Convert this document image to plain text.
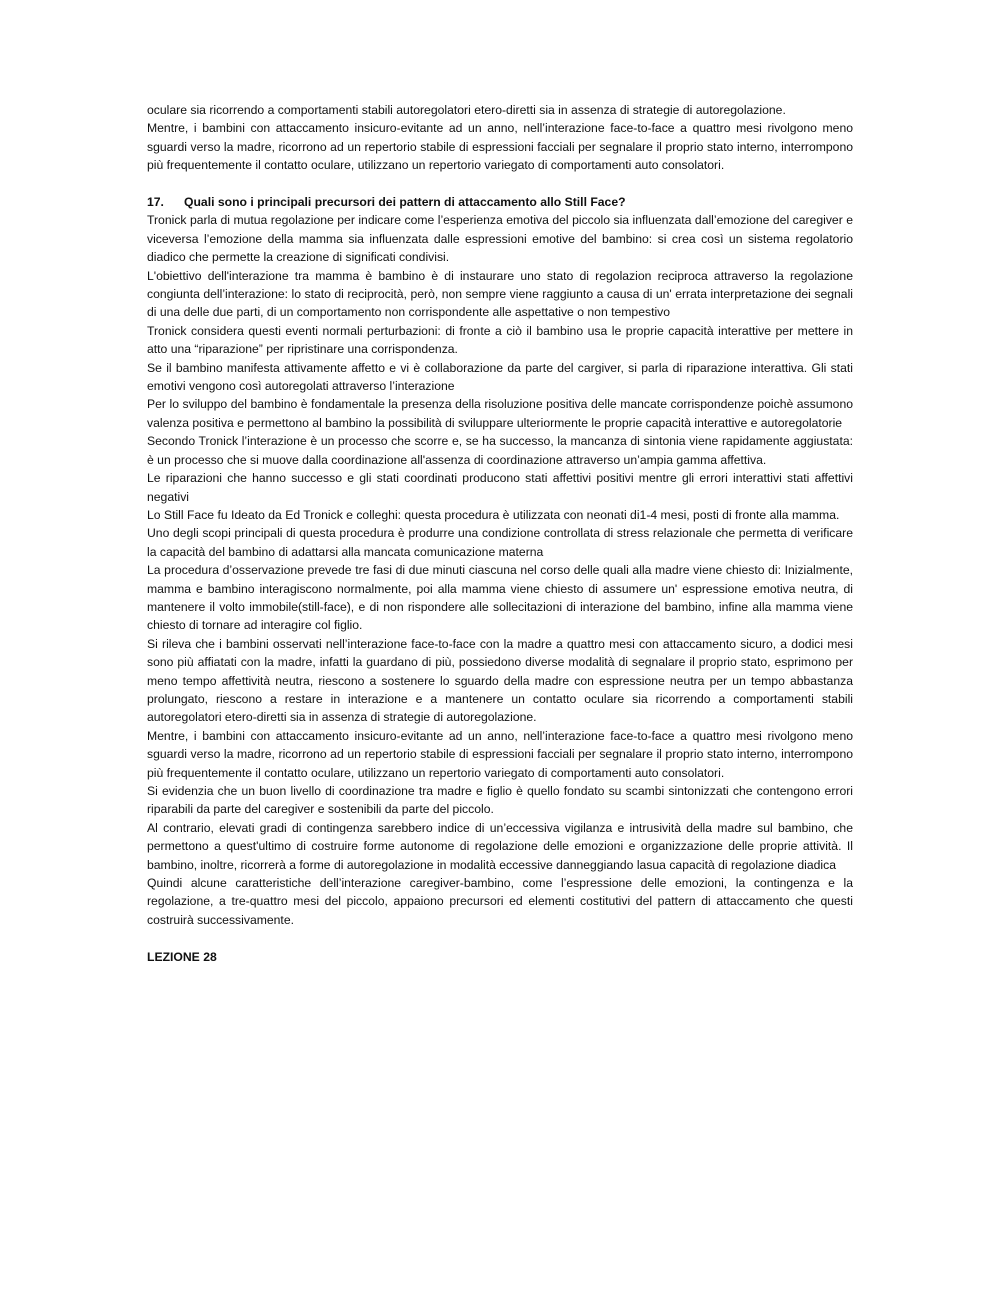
oculare sia ricorrendo a comportamenti stabili autoregolatori etero-diretti sia in assenza di strategie di autoregolazione.

Mentre, i bambini con attaccamento insicuro-evitante ad un anno, nell’interazione face-to-face a quattro mesi rivolgono meno sguardi verso la madre, ricorrono ad un repertorio stabile di espressioni facciali per segnalare il proprio stato interno, interrompono più frequentemente il contatto oculare, utilizzano un repertorio variegato di comportamenti auto consolatori.

17.	Quali sono i principali precursori dei pattern di attaccamento allo Still Face?

Tronick parla di mutua regolazione per indicare come l’esperienza emotiva del piccolo sia influenzata dall’emozione del caregiver e viceversa l’emozione della mamma sia influenzata dalle espressioni emotive del bambino: si crea così un sistema regolatorio diadico che permette la creazione di significati condivisi.

L'obiettivo dell'interazione tra mamma è bambino è di instaurare uno stato di regolazion reciproca attraverso la regolazione congiunta dell’interazione: lo stato di reciprocità, però, non sempre viene raggiunto a causa di un' errata interpretazione dei segnali di una delle due parti, di un comportamento non corrispondente alle aspettative o non tempestivo

Tronick considera questi eventi normali perturbazioni: di fronte a ciò il bambino usa le proprie capacità interattive per mettere in atto una “riparazione” per ripristinare una corrispondenza.

Se il bambino manifesta attivamente affetto e vi è collaborazione da parte del cargiver, si parla di riparazione interattiva. Gli stati emotivi vengono così autoregolati attraverso l’interazione

Per lo sviluppo del bambino è fondamentale la presenza della risoluzione positiva delle mancate corrispondenze poichè assumono valenza positiva e permettono al bambino la possibilità di sviluppare ulteriormente le proprie capacità interattive e autoregolatorie

Secondo Tronick l’interazione è un processo che scorre e, se ha successo, la mancanza di sintonia viene rapidamente aggiustata: è un processo che si muove dalla coordinazione all'assenza di coordinazione attraverso un’ampia gamma affettiva.

Le riparazioni che hanno successo e gli stati coordinati producono stati affettivi positivi mentre gli errori interattivi stati affettivi negativi

Lo Still Face fu Ideato da Ed Tronick e colleghi: questa procedura è utilizzata con neonati di1-4 mesi, posti di fronte alla mamma.

Uno degli scopi principali di questa procedura è produrre una condizione controllata di stress relazionale che permetta di verificare la capacità del bambino di adattarsi alla mancata comunicazione materna

La procedura d’osservazione prevede tre fasi di due minuti ciascuna nel corso delle quali alla madre viene chiesto di: Inizialmente, mamma e bambino interagiscono normalmente, poi alla mamma viene chiesto di assumere un' espressione emotiva neutra, di mantenere il volto immobile(still-face), e di non rispondere alle sollecitazioni di interazione del bambino, infine alla mamma viene chiesto di tornare ad interagire col figlio.

Si rileva che i bambini osservati nell’interazione face-to-face con la madre a quattro mesi con attaccamento sicuro, a dodici mesi sono più affiatati con la madre, infatti la guardano di più, possiedono diverse modalità di segnalare il proprio stato, esprimono per meno tempo affettività neutra, riescono a sostenere lo sguardo della madre con espressione neutra per un tempo abbastanza prolungato, riescono a restare in interazione e a mantenere un contatto oculare sia ricorrendo a comportamenti stabili autoregolatori etero-diretti sia in assenza di strategie di autoregolazione.

Mentre, i bambini con attaccamento insicuro-evitante ad un anno, nell’interazione face-to-face a quattro mesi rivolgono meno sguardi verso la madre, ricorrono ad un repertorio stabile di espressioni facciali per segnalare il proprio stato interno, interrompono più frequentemente il contatto oculare, utilizzano un repertorio variegato di comportamenti auto consolatori.

Si evidenzia che un buon livello di coordinazione tra madre e figlio è quello fondato su scambi sintonizzati che contengono errori riparabili da parte del caregiver e sostenibili da parte del piccolo.

Al contrario, elevati gradi di contingenza sarebbero indice di un’eccessiva vigilanza e intrusività della madre sul bambino, che permettono a quest'ultimo di costruire forme autonome di regolazione delle emozioni e organizzazione delle proprie attività. Il bambino, inoltre, ricorrerà a forme di autoregolazione in modalità eccessive danneggiando lasua capacità di regolazione diadica

Quindi alcune caratteristiche dell’interazione caregiver-bambino, come l’espressione delle emozioni, la contingenza e la regolazione, a tre-quattro mesi del piccolo, appaiono precursori ed elementi costitutivi del pattern di attaccamento che questi costruirà successivamente.

LEZIONE 28
